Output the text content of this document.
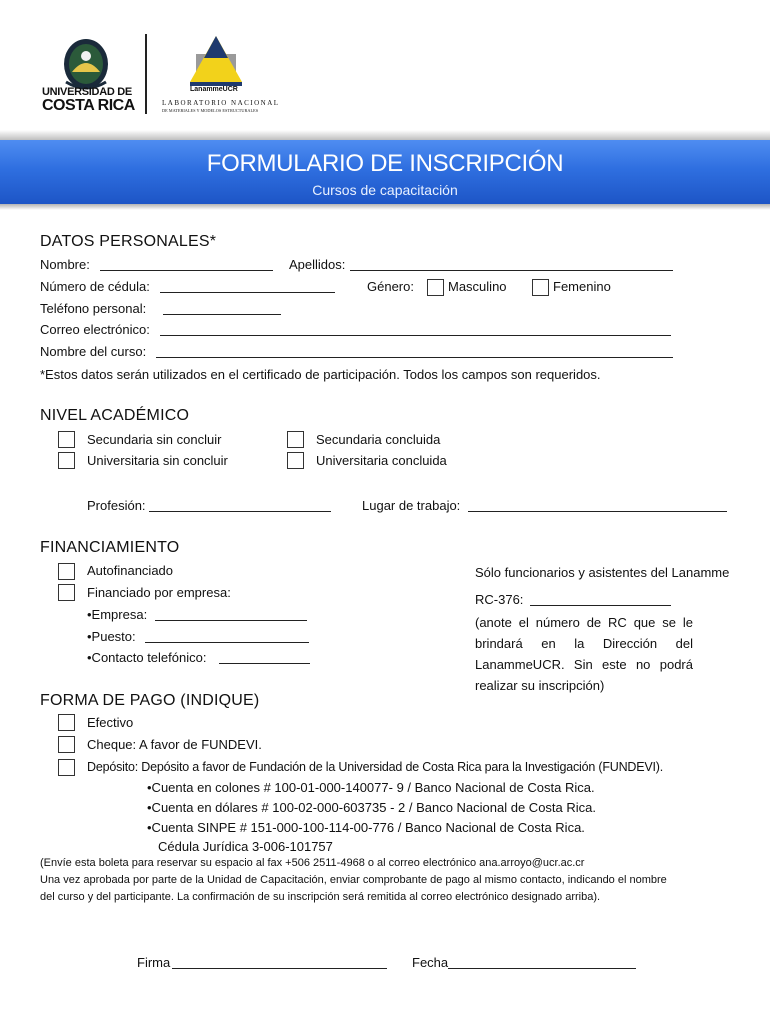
UNIVERSIDAD DE
COSTA RICA
LanammeUCR
LABORATORIO NACIONAL
DE MATERIALES Y MODELOS ESTRUCTURALES
FORMULARIO DE INSCRIPCIÓN
Cursos de capacitación
DATOS PERSONALES*
Nombre:	Apellidos:
Número de cédula:	Género:	Masculino	Femenino
Teléfono personal:
Correo electrónico:
Nombre del curso:
*Estos datos serán utilizados en el certificado de participación. Todos los campos son requeridos.
NIVEL ACADÉMICO
Secundaria sin concluir	Secundaria concluida
Universitaria sin concluir	Universitaria concluida
Profesión:	Lugar de trabajo:
FINANCIAMIENTO
Autofinanciado
Financiado por empresa:
•Empresa:
•Puesto:
•Contacto telefónico:
Sólo funcionarios y asistentes del Lanamme
RC-376:
(anote el número de RC que se le
brindará en la Dirección del
LanammeUCR. Sin este no podrá
realizar su inscripción)
FORMA DE PAGO (INDIQUE)
Efectivo
Cheque: A favor de FUNDEVI.
Depósito: Depósito a favor de Fundación de la Universidad de Costa Rica para la Investigación (FUNDEVI).
•Cuenta en colones # 100-01-000-140077- 9 / Banco Nacional de Costa Rica.
•Cuenta en dólares # 100-02-000-603735 - 2 / Banco Nacional de Costa Rica.
•Cuenta SINPE # 151-000-100-114-00-776 / Banco Nacional de Costa Rica.
Cédula Jurídica 3-006-101757
(Envíe esta boleta para reservar su espacio al fax +506 2511-4968 o al correo electrónico ana.arroyo@ucr.ac.cr
Una vez aprobada por parte de la Unidad de Capacitación, enviar comprobante de pago al mismo contacto, indicando el nombre
del curso y del participante. La confirmación de su inscripción será remitida al correo electrónico designado arriba).
Firma	Fecha
